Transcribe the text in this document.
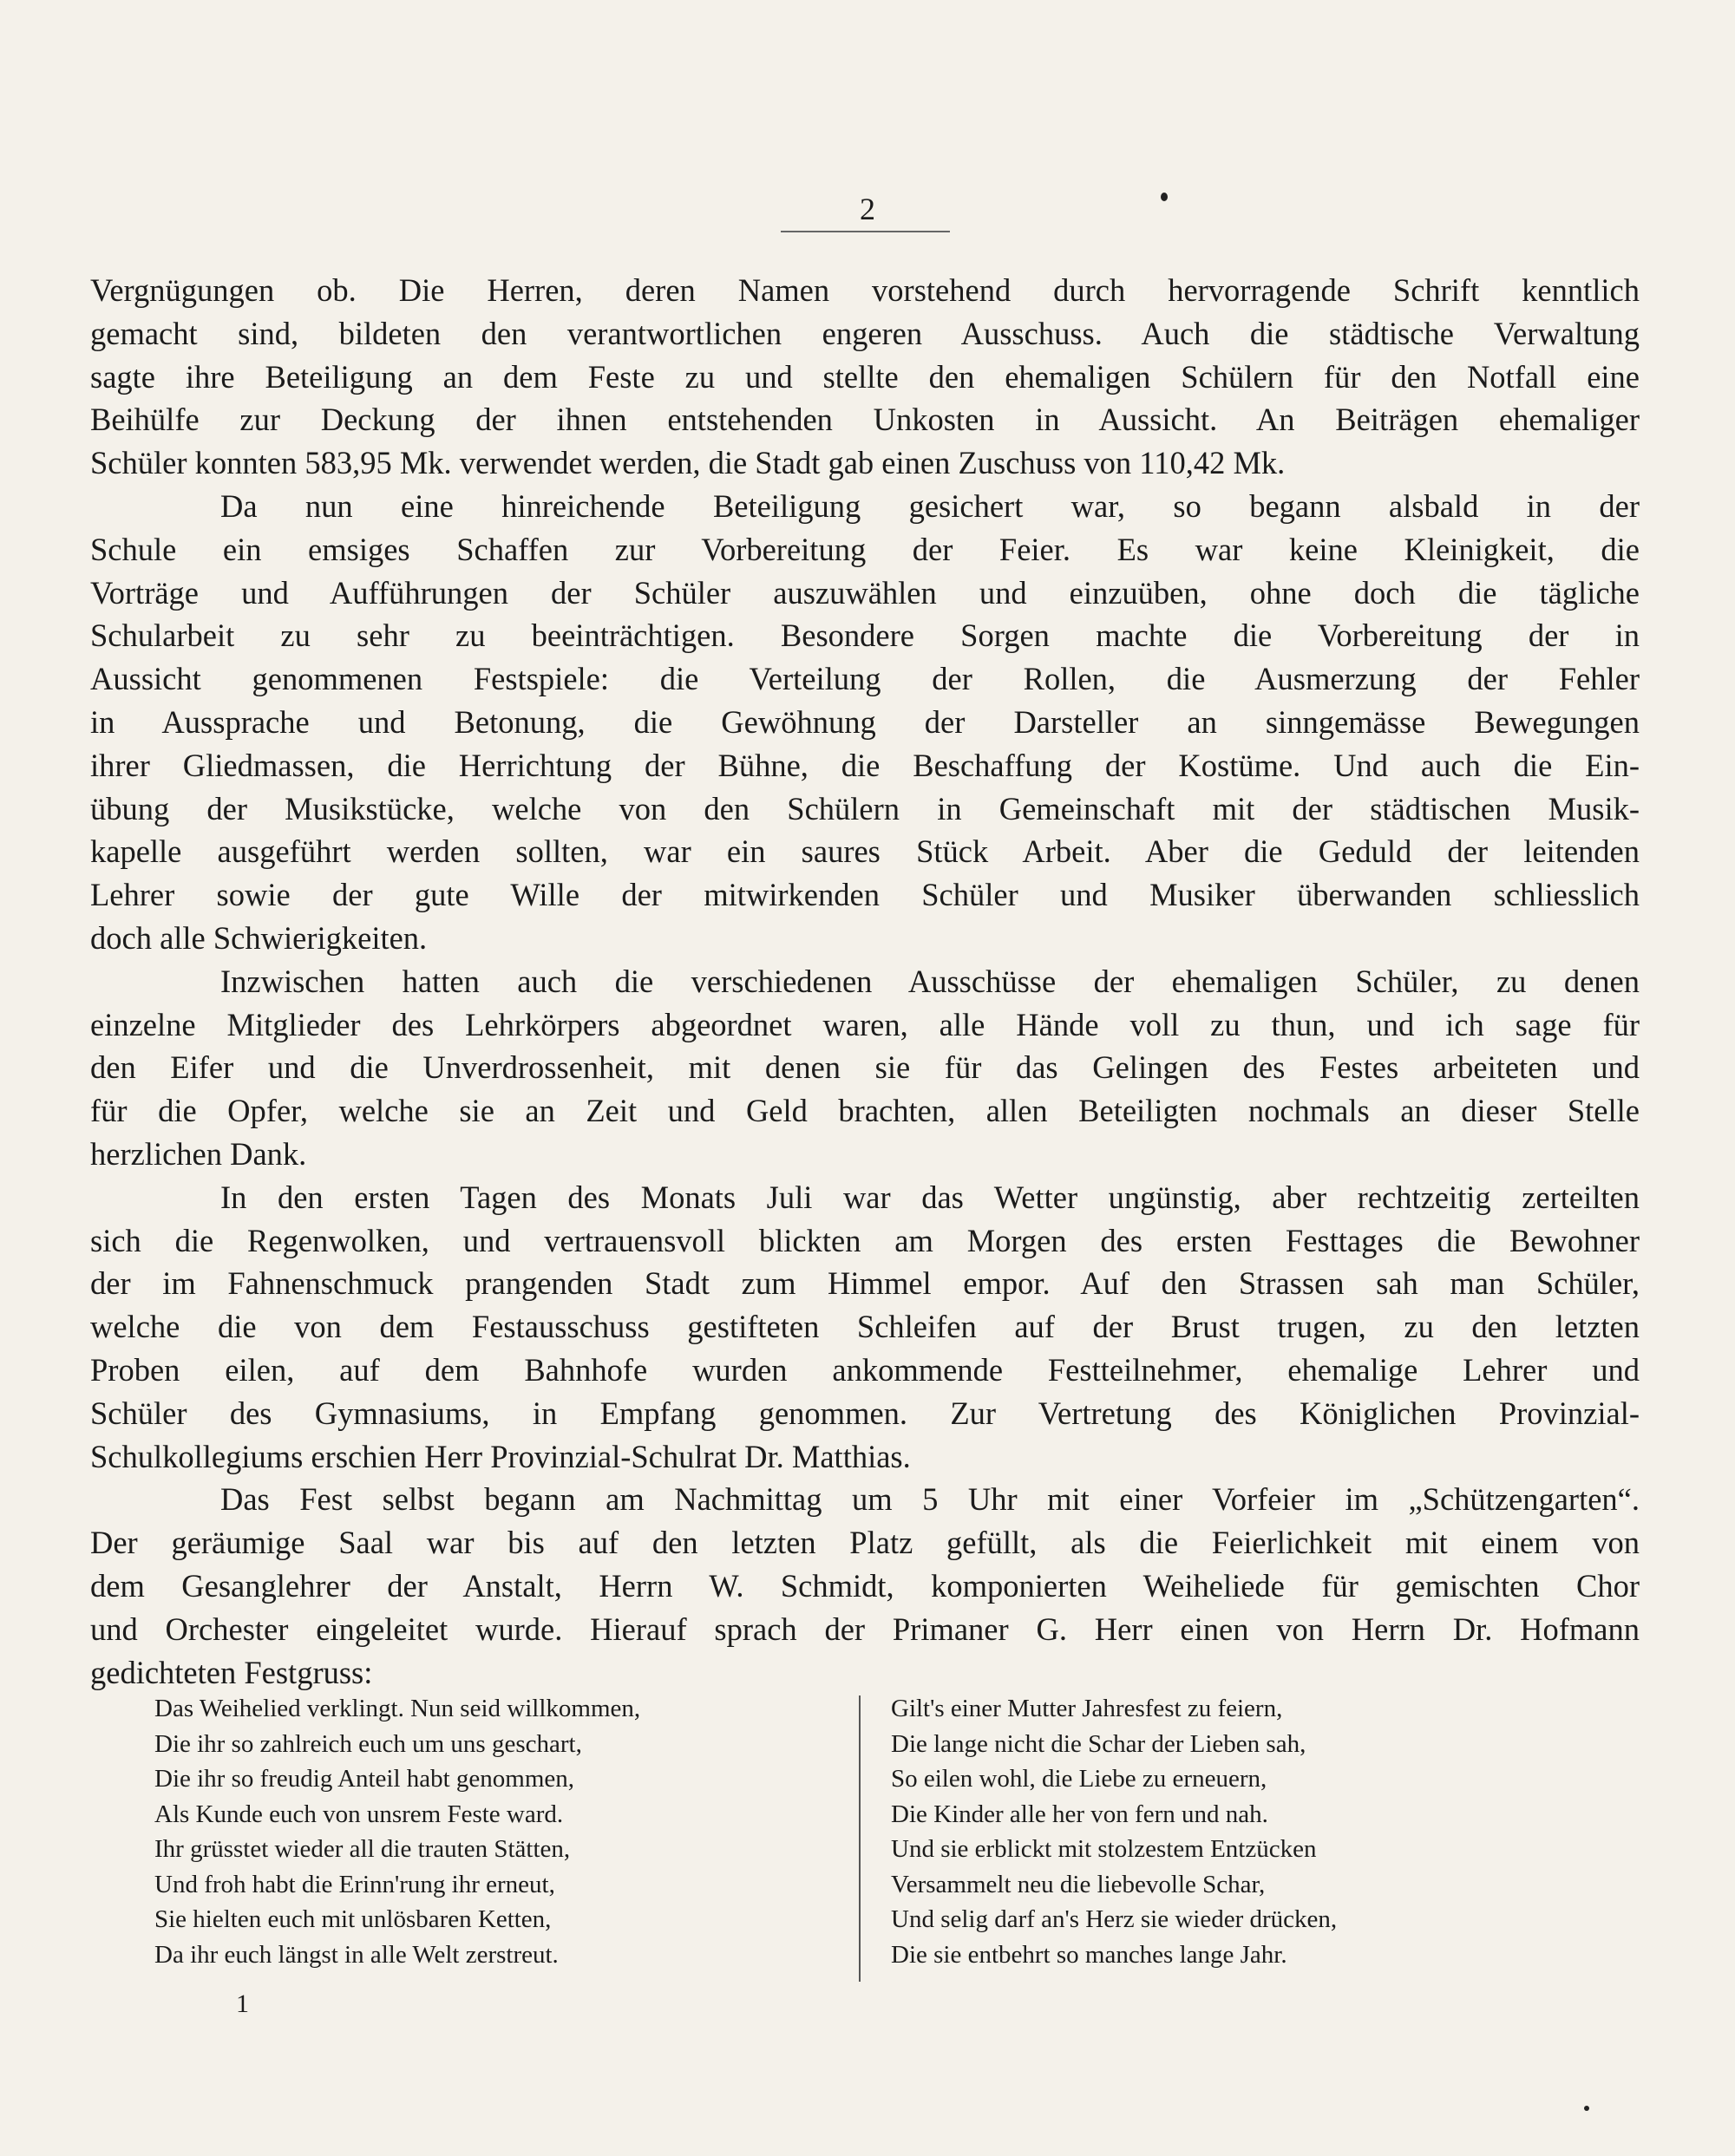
2
Vergnügungen ob. Die Herren, deren Namen vorstehend durch hervorragende Schrift kenntlich
gemacht sind, bildeten den verantwortlichen engeren Ausschuss. Auch die städtische Verwaltung
sagte ihre Beteiligung an dem Feste zu und stellte den ehemaligen Schülern für den Notfall eine
Beihülfe zur Deckung der ihnen entstehenden Unkosten in Aussicht. An Beiträgen ehemaliger
Schüler konnten 583,95 Mk. verwendet werden, die Stadt gab einen Zuschuss von 110,42 Mk.
Da nun eine hinreichende Beteiligung gesichert war, so begann alsbald in der
Schule ein emsiges Schaffen zur Vorbereitung der Feier. Es war keine Kleinigkeit, die
Vorträge und Aufführungen der Schüler auszuwählen und einzuüben, ohne doch die tägliche
Schularbeit zu sehr zu beeinträchtigen. Besondere Sorgen machte die Vorbereitung der in
Aussicht genommenen Festspiele: die Verteilung der Rollen, die Ausmerzung der Fehler
in Aussprache und Betonung, die Gewöhnung der Darsteller an sinngemässe Bewegungen
ihrer Gliedmassen, die Herrichtung der Bühne, die Beschaffung der Kostüme. Und auch die Ein-
übung der Musikstücke, welche von den Schülern in Gemeinschaft mit der städtischen Musik-
kapelle ausgeführt werden sollten, war ein saures Stück Arbeit. Aber die Geduld der leitenden
Lehrer sowie der gute Wille der mitwirkenden Schüler und Musiker überwanden schliesslich
doch alle Schwierigkeiten.
Inzwischen hatten auch die verschiedenen Ausschüsse der ehemaligen Schüler, zu denen
einzelne Mitglieder des Lehrkörpers abgeordnet waren, alle Hände voll zu thun, und ich sage für
den Eifer und die Unverdrossenheit, mit denen sie für das Gelingen des Festes arbeiteten und
für die Opfer, welche sie an Zeit und Geld brachten, allen Beteiligten nochmals an dieser Stelle
herzlichen Dank.
In den ersten Tagen des Monats Juli war das Wetter ungünstig, aber rechtzeitig zerteilten
sich die Regenwolken, und vertrauensvoll blickten am Morgen des ersten Festtages die Bewohner
der im Fahnenschmuck prangenden Stadt zum Himmel empor. Auf den Strassen sah man Schüler,
welche die von dem Festausschuss gestifteten Schleifen auf der Brust trugen, zu den letzten
Proben eilen, auf dem Bahnhofe wurden ankommende Festteilnehmer, ehemalige Lehrer und
Schüler des Gymnasiums, in Empfang genommen. Zur Vertretung des Königlichen Provinzial-
Schulkollegiums erschien Herr Provinzial-Schulrat Dr. Matthias.
Das Fest selbst begann am Nachmittag um 5 Uhr mit einer Vorfeier im „Schützengarten“.
Der geräumige Saal war bis auf den letzten Platz gefüllt, als die Feierlichkeit mit einem von
dem Gesanglehrer der Anstalt, Herrn W. Schmidt, komponierten Weiheliede für gemischten Chor
und Orchester eingeleitet wurde. Hierauf sprach der Primaner G. Herr einen von Herrn Dr. Hofmann
gedichteten Festgruss:
Das Weihelied verklingt. Nun seid willkommen,
Die ihr so zahlreich euch um uns geschart,
Die ihr so freudig Anteil habt genommen,
Als Kunde euch von unsrem Feste ward.
Ihr grüsstet wieder all die trauten Stätten,
Und froh habt die Erinn'rung ihr erneut,
Sie hielten euch mit unlösbaren Ketten,
Da ihr euch längst in alle Welt zerstreut.
Gilt's einer Mutter Jahresfest zu feiern,
Die lange nicht die Schar der Lieben sah,
So eilen wohl, die Liebe zu erneuern,
Die Kinder alle her von fern und nah.
Und sie erblickt mit stolzestem Entzücken
Versammelt neu die liebevolle Schar,
Und selig darf an's Herz sie wieder drücken,
Die sie entbehrt so manches lange Jahr.
1
